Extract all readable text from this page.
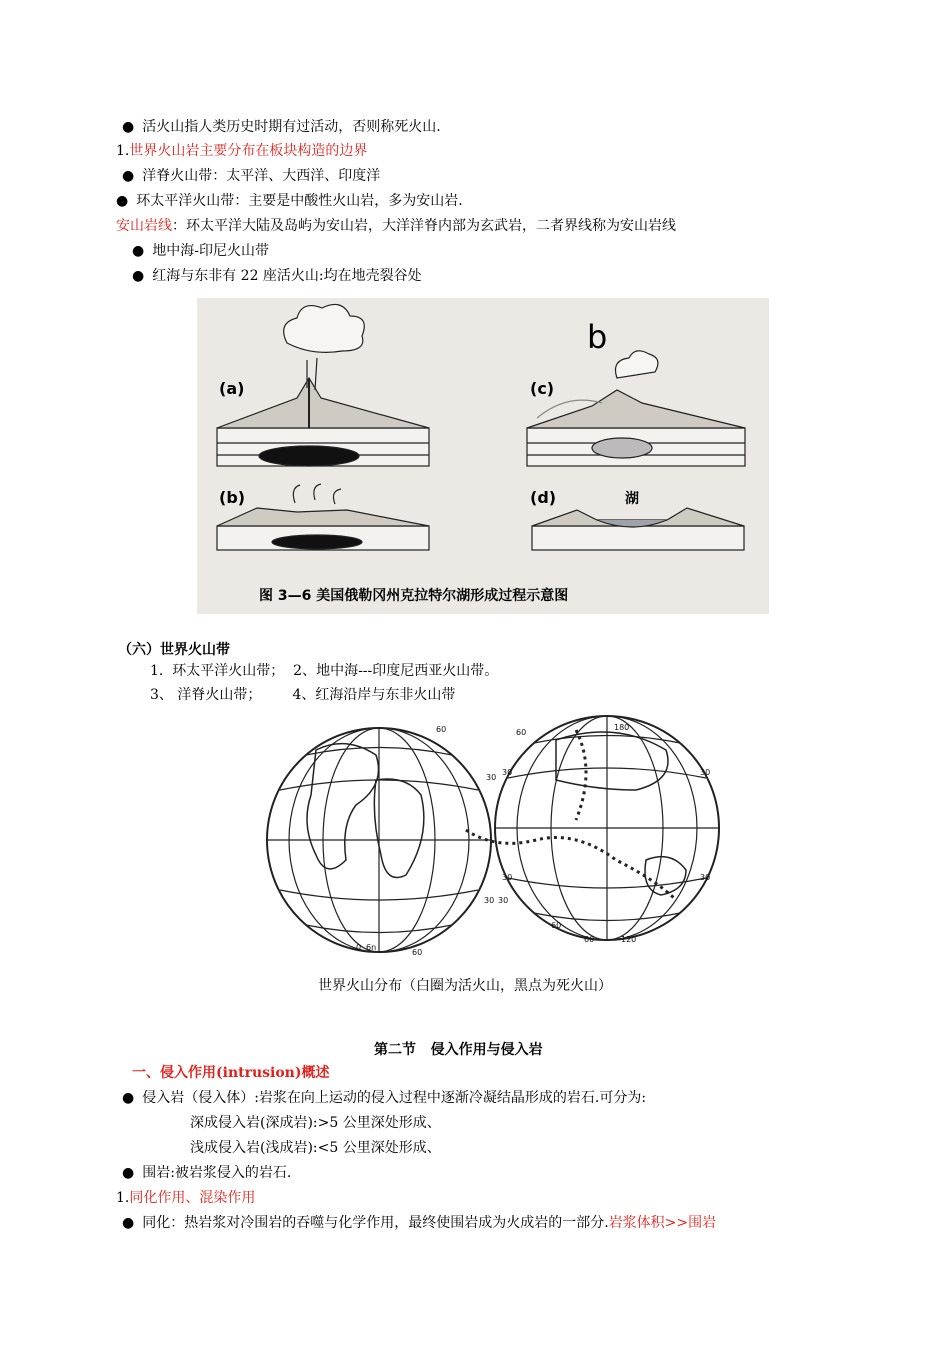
● 活火山指人类历史时期有过活动，否则称死火山.
1.世界火山岩主要分布在板块构造的边界
● 洋脊火山带：太平洋、大西洋、印度洋
● 环太平洋火山带：主要是中酸性火山岩，多为安山岩.
安山岩线：环太平洋大陆及岛屿为安山岩，大洋洋脊内部为玄武岩，二者界线称为安山岩线
● 地中海-印尼火山带
● 红海与东非有 22 座活火山:均在地壳裂谷处
(a)	(c)
(b)	(d)	湖
b
图 3—6 美国俄勒冈州克拉特尔湖形成过程示意图
（六）世界火山带
1.  环太平洋火山带；  2、地中海---印度尼西亚火山带。
3、 洋脊火山带；       4、红海沿岸与东非火山带
60
30
30 30
60
60
30	30
30	30
6n
60
120
0
60
180
世界火山分布（白圈为活火山，黑点为死火山）
第二节   侵入作用与侵入岩
一、侵入作用(intrusion)概述
● 侵入岩（侵入体）:岩浆在向上运动的侵入过程中逐渐冷凝结晶形成的岩石.可分为:
深成侵入岩(深成岩):>5 公里深处形成、
浅成侵入岩(浅成岩):<5 公里深处形成、
● 围岩:被岩浆侵入的岩石.
1.同化作用、混染作用
● 同化：热岩浆对冷围岩的吞噬与化学作用，最终使围岩成为火成岩的一部分.岩浆体积>>围岩
